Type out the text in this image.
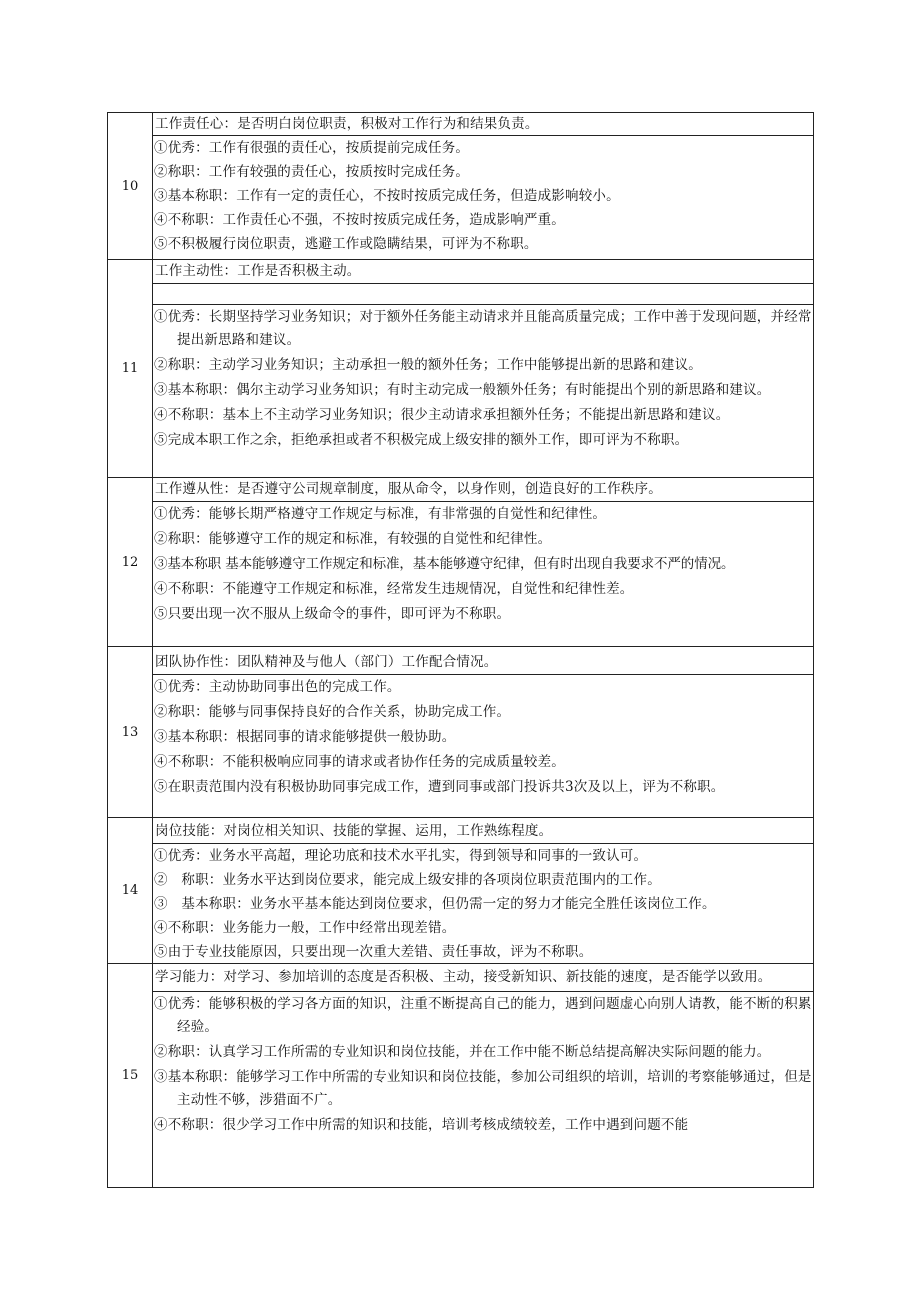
10
工作责任心：是否明白岗位职责，积极对工作行为和结果负责。
①优秀：工作有很强的责任心，按质提前完成任务。
②称职：工作有较强的责任心，按质按时完成任务。
③基本称职：工作有一定的责任心，不按时按质完成任务，但造成影响较小。
④不称职：工作责任心不强，不按时按质完成任务，造成影响严重。
⑤不积极履行岗位职责，逃避工作或隐瞒结果，可评为不称职。
11
工作主动性：工作是否积极主动。
①优秀：长期坚持学习业务知识；对于额外任务能主动请求并且能高质量完成；工作中善于发现问题，并经常提出新思路和建议。
②称职：主动学习业务知识；主动承担一般的额外任务；工作中能够提出新的思路和建议。
③基本称职：偶尔主动学习业务知识；有时主动完成一般额外任务；有时能提出个别的新思路和建议。
④不称职：基本上不主动学习业务知识；很少主动请求承担额外任务；不能提出新思路和建议。
⑤完成本职工作之余，拒绝承担或者不积极完成上级安排的额外工作，即可评为不称职。
12
工作遵从性：是否遵守公司规章制度，服从命令，以身作则，创造良好的工作秩序。
①优秀：能够长期严格遵守工作规定与标准，有非常强的自觉性和纪律性。
②称职：能够遵守工作的规定和标准，有较强的自觉性和纪律性。
③基本称职 基本能够遵守工作规定和标准，基本能够遵守纪律，但有时出现自我要求不严的情况。
④不称职：不能遵守工作规定和标准，经常发生违规情况，自觉性和纪律性差。
⑤只要出现一次不服从上级命令的事件，即可评为不称职。
13
团队协作性：团队精神及与他人（部门）工作配合情况。
①优秀：主动协助同事出色的完成工作。
②称职：能够与同事保持良好的合作关系，协助完成工作。
③基本称职：根据同事的请求能够提供一般协助。
④不称职：不能积极响应同事的请求或者协作任务的完成质量较差。
⑤在职责范围内没有积极协助同事完成工作，遭到同事或部门投诉共3次及以上，评为不称职。
14
岗位技能：对岗位相关知识、技能的掌握、运用，工作熟练程度。
①优秀：业务水平高超，理论功底和技术水平扎实，得到领导和同事的一致认可。
②　称职：业务水平达到岗位要求，能完成上级安排的各项岗位职责范围内的工作。
③　基本称职：业务水平基本能达到岗位要求，但仍需一定的努力才能完全胜任该岗位工作。
④不称职：业务能力一般，工作中经常出现差错。
⑤由于专业技能原因，只要出现一次重大差错、责任事故，评为不称职。
15
学习能力：对学习、参加培训的态度是否积极、主动，接受新知识、新技能的速度，是否能学以致用。
①优秀：能够积极的学习各方面的知识，注重不断提高自己的能力，遇到问题虚心向别人请教，能不断的积累经验。
②称职：认真学习工作所需的专业知识和岗位技能，并在工作中能不断总结提高解决实际问题的能力。
③基本称职：能够学习工作中所需的专业知识和岗位技能，参加公司组织的培训，培训的考察能够通过，但是主动性不够，涉猎面不广。
④不称职：很少学习工作中所需的知识和技能，培训考核成绩较差，工作中遇到问题不能
